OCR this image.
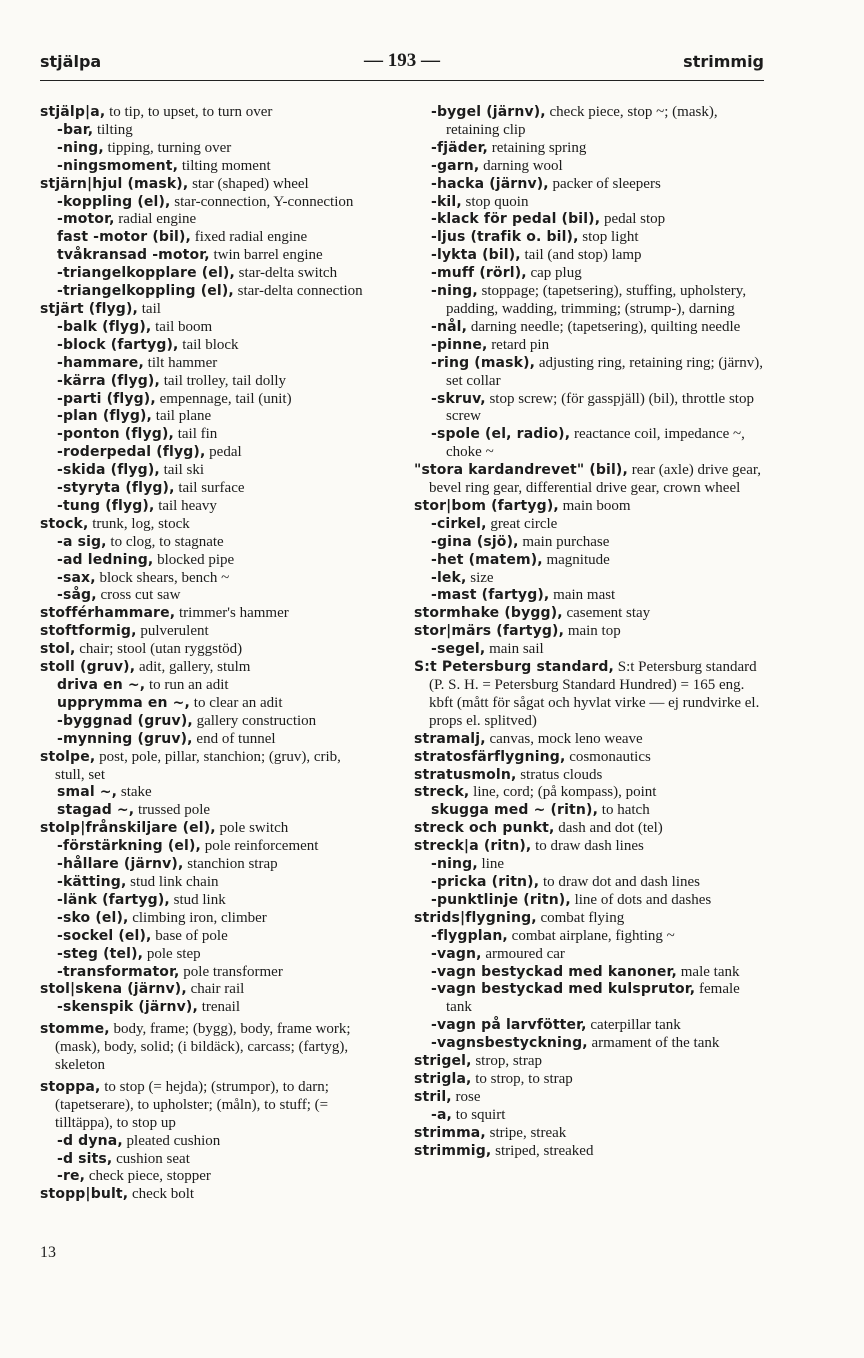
stjälpa	— 193 —	strimmig

stjälp|a, to tip, to upset, to turn over

-bar, tilting

-ning, tipping, turning over

-ningsmoment, tilting moment

stjärn|hjul (mask), star (shaped) wheel

-koppling (el), star-connection, Y-connection

-motor, radial engine

fast -motor (bil), fixed radial engine

tvåkransad -motor, twin barrel engine

-triangelkopplare (el), star-delta switch

-triangelkoppling (el), star-delta connection

stjärt (flyg), tail

-balk (flyg), tail boom

-block (fartyg), tail block

-hammare, tilt hammer

-kärra (flyg), tail trolley, tail dolly

-parti (flyg), empennage, tail (unit)

-plan (flyg), tail plane

-ponton (flyg), tail fin

-roderpedal (flyg), pedal

-skida (flyg), tail ski

-styryta (flyg), tail surface

-tung (flyg), tail heavy

stock, trunk, log, stock

-a sig, to clog, to stagnate

-ad ledning, blocked pipe

-sax, block shears, bench ~

-såg, cross cut saw

stofférhammare, trimmer's hammer

stoftformig, pulverulent

stol, chair; stool (utan ryggstöd)

stoll (gruv), adit, gallery, stulm

driva en ~, to run an adit

upprymma en ~, to clear an adit

-byggnad (gruv), gallery construction

-mynning (gruv), end of tunnel

stolpe, post, pole, pillar, stanchion; (gruv), crib, stull, set

smal ~, stake

stagad ~, trussed pole

stolp|frånskiljare (el), pole switch

-förstärkning (el), pole reinforcement

-hållare (järnv), stanchion strap

-kätting, stud link chain

-länk (fartyg), stud link

-sko (el), climbing iron, climber

-sockel (el), base of pole

-steg (tel), pole step

-transformator, pole transformer

stol|skena (järnv), chair rail

-skenspik (järnv), trenail

stomme, body, frame; (bygg), body, frame work; (mask), body, solid; (i bildäck), carcass; (fartyg), skeleton

stoppa, to stop (= hejda); (strumpor), to darn; (tapetserare), to upholster; (måln), to stuff; (= tilltäppa), to stop up

-d dyna, pleated cushion

-d sits, cushion seat

-re, check piece, stopper

stopp|bult, check bolt

-bygel (järnv), check piece, stop ~; (mask), retaining clip

-fjäder, retaining spring

-garn, darning wool

-hacka (järnv), packer of sleepers

-kil, stop quoin

-klack för pedal (bil), pedal stop

-ljus (trafik o. bil), stop light

-lykta (bil), tail (and stop) lamp

-muff (rörl), cap plug

-ning, stoppage; (tapetsering), stuffing, upholstery, padding, wadding, trimming; (strump-), darning

-nål, darning needle; (tapetsering), quilting needle

-pinne, retard pin

-ring (mask), adjusting ring, retaining ring; (järnv), set collar

-skruv, stop screw; (för gasspjäll) (bil), throttle stop screw

-spole (el, radio), reactance coil, impedance ~, choke ~

"stora kardandrevet" (bil), rear (axle) drive gear, bevel ring gear, differential drive gear, crown wheel

stor|bom (fartyg), main boom

-cirkel, great circle

-gina (sjö), main purchase

-het (matem), magnitude

-lek, size

-mast (fartyg), main mast

stormhake (bygg), casement stay

stor|märs (fartyg), main top

-segel, main sail

S:t Petersburg standard, S:t Petersburg standard (P. S. H. = Petersburg Standard Hundred) = 165 eng. kbft (mått för sågat och hyvlat virke — ej rundvirke el. props el. splitved)

stramalj, canvas, mock leno weave

stratosfärflygning, cosmonautics

stratusmoln, stratus clouds

streck, line, cord; (på kompass), point

skugga med ~ (ritn), to hatch

streck och punkt, dash and dot (tel)

streck|a (ritn), to draw dash lines

-ning, line

-pricka (ritn), to draw dot and dash lines

-punktlinje (ritn), line of dots and dashes

strids|flygning, combat flying

-flygplan, combat airplane, fighting ~

-vagn, armoured car

-vagn bestyckad med kanoner, male tank

-vagn bestyckad med kulsprutor, female tank

-vagn på larvfötter, caterpillar tank

-vagnsbestyckning, armament of the tank

strigel, strop, strap

strigla, to strop, to strap

stril, rose

-a, to squirt

strimma, stripe, streak

strimmig, striped, streaked

13
